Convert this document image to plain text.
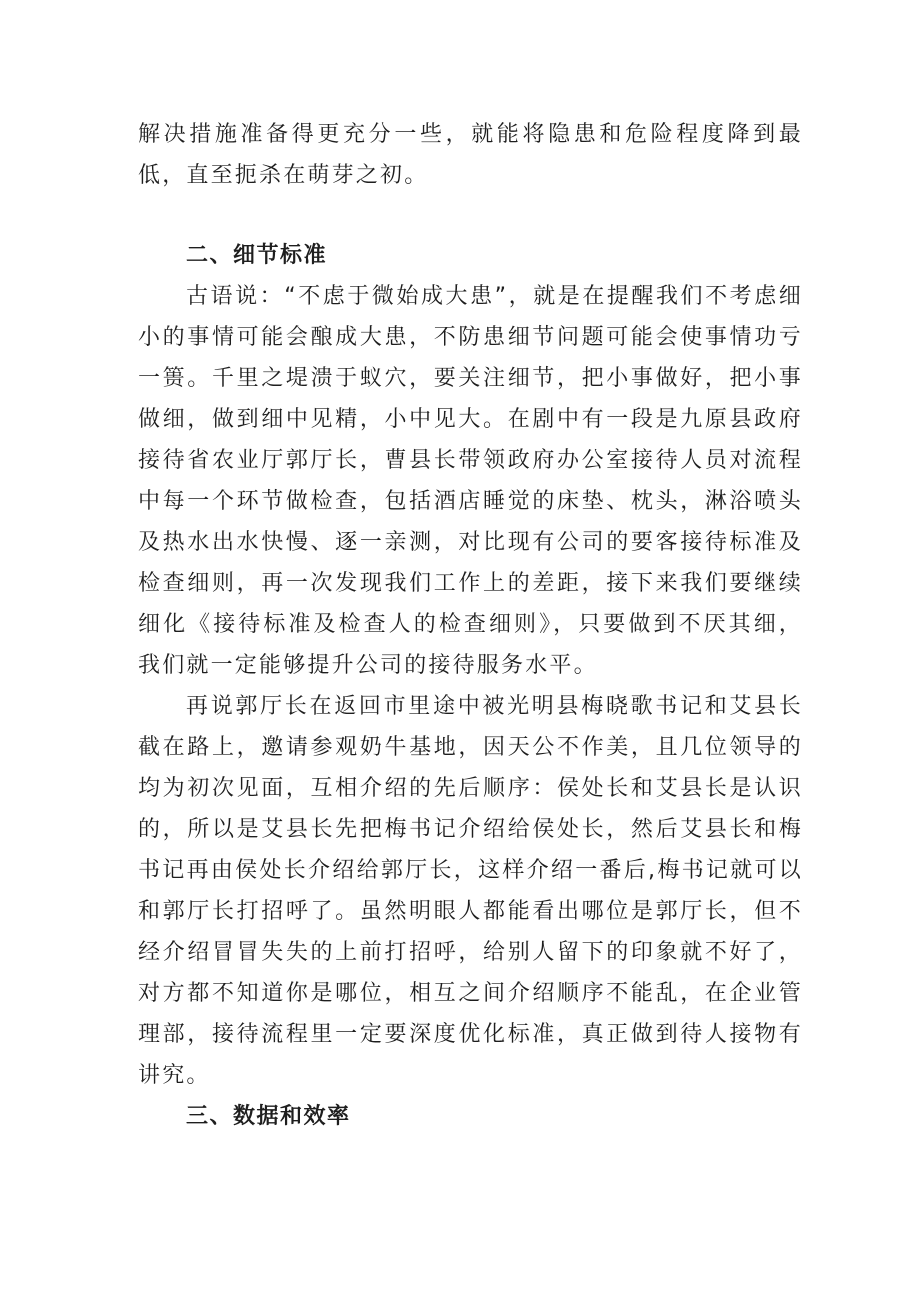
解决措施准备得更充分一些，就能将隐患和危险程度降到最低，直至扼杀在萌芽之初。

二、细节标准

古语说：“不虑于微始成大患”，就是在提醒我们不考虑细小的事情可能会酿成大患，不防患细节问题可能会使事情功亏一篑。千里之堤溃于蚁穴，要关注细节，把小事做好，把小事做细，做到细中见精，小中见大。在剧中有一段是九原县政府接待省农业厅郭厅长，曹县长带领政府办公室接待人员对流程中每一个环节做检查，包括酒店睡觉的床垫、枕头，淋浴喷头及热水出水快慢、逐一亲测，对比现有公司的要客接待标准及检查细则，再一次发现我们工作上的差距，接下来我们要继续细化《接待标准及检查人的检查细则》，只要做到不厌其细，我们就一定能够提升公司的接待服务水平。

再说郭厅长在返回市里途中被光明县梅晓歌书记和艾县长截在路上，邀请参观奶牛基地，因天公不作美，且几位领导的均为初次见面，互相介绍的先后顺序：侯处长和艾县长是认识的，所以是艾县长先把梅书记介绍给侯处长，然后艾县长和梅书记再由侯处长介绍给郭厅长，这样介绍一番后,梅书记就可以和郭厅长打招呼了。虽然明眼人都能看出哪位是郭厅长，但不经介绍冒冒失失的上前打招呼，给别人留下的印象就不好了，对方都不知道你是哪位，相互之间介绍顺序不能乱，在企业管理部，接待流程里一定要深度优化标准，真正做到待人接物有讲究。

三、数据和效率
